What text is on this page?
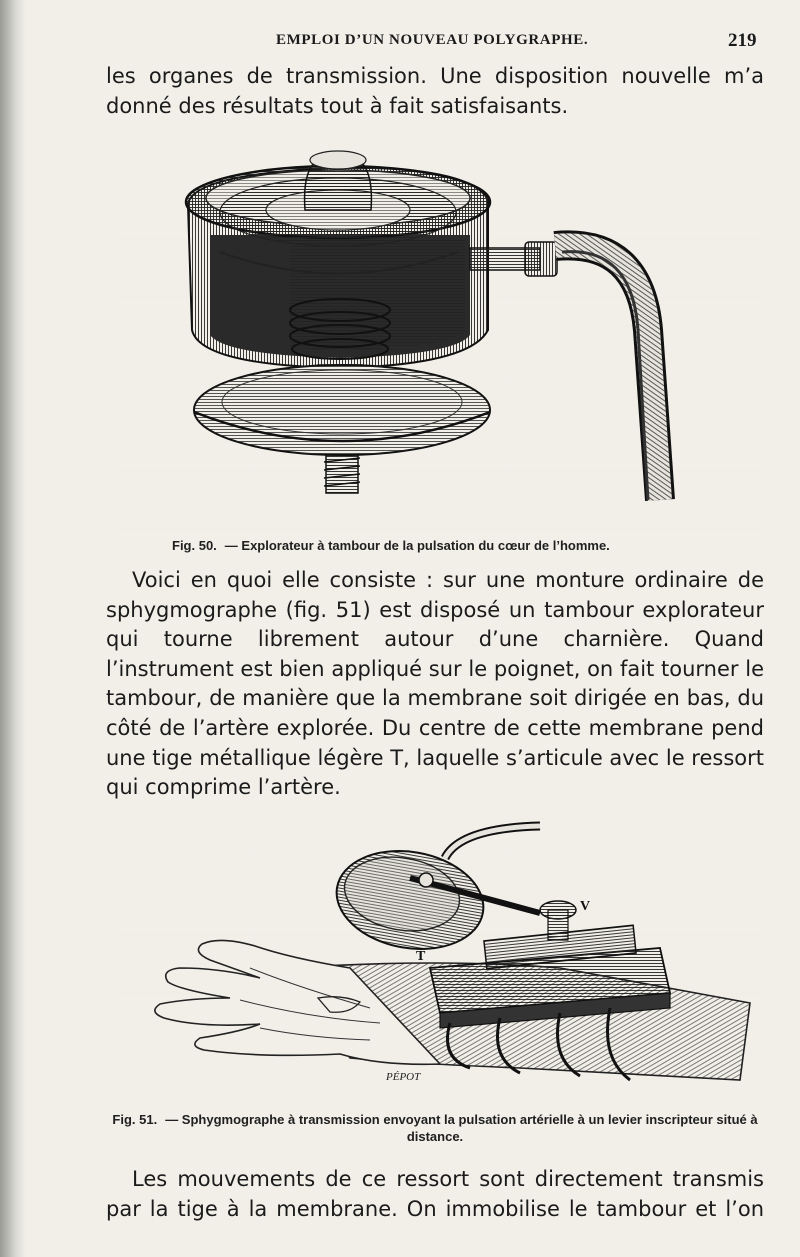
EMPLOI D’UN NOUVEAU POLYGRAPHE.	219

les organes de transmission. Une disposition nouvelle m’a donné des résultats tout à fait satisfaisants.

Fig. 50. — Explorateur à tambour de la pulsation du cœur de l’homme.

Voici en quoi elle consiste : sur une monture ordinaire de sphygmographe (fig. 51) est disposé un tambour explorateur qui tourne librement autour d’une charnière. Quand l’instrument est bien appliqué sur le poignet, on fait tourner le tambour, de manière que la membrane soit dirigée en bas, du côté de l’artère explorée. Du centre de cette membrane pend une tige métallique légère T, laquelle s’articule avec le ressort qui comprime l’artère.

V
T
PÉPOT
Fig. 51. — Sphygmographe à transmission envoyant la pulsation artérielle à un levier inscripteur situé à distance.

Les mouvements de ce ressort sont directement transmis par la tige à la membrane. On immobilise le tambour et l’on
